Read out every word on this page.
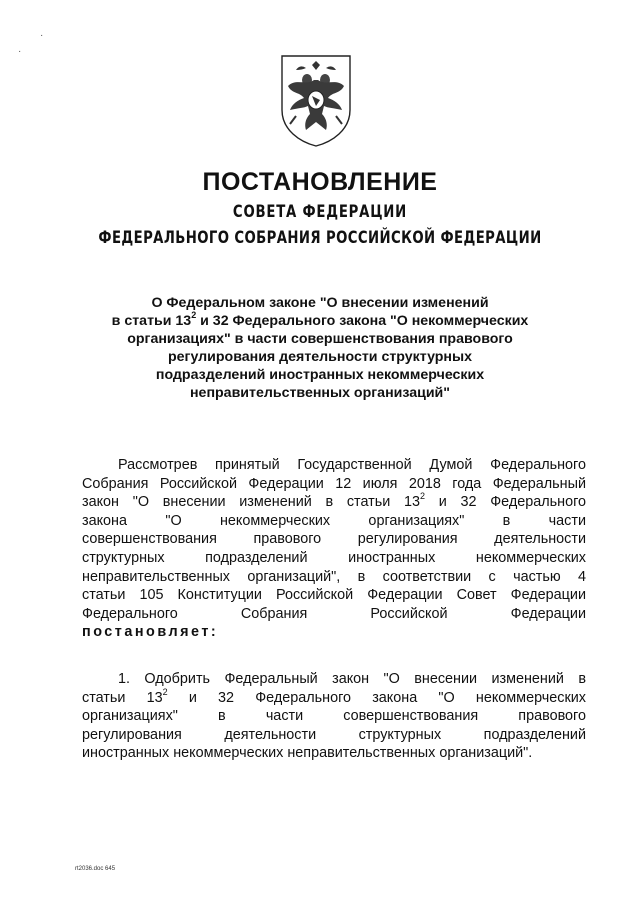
·
·
ПОСТАНОВЛЕНИЕ
СОВЕТА ФЕДЕРАЦИИ
ФЕДЕРАЛЬНОГО СОБРАНИЯ РОССИЙСКОЙ ФЕДЕРАЦИИ
О Федеральном законе "О внесении изменений
в статьи $13^2$ и 32 Федерального закона "О некоммерческих
организациях" в части совершенствования правового
регулирования деятельности структурных
подразделений иностранных некоммерческих
неправительственных организаций"
Рассмотрев принятый Государственной Думой Федерального
Собрания Российской Федерации 12 июля 2018 года Федеральный
закон "О внесении изменений в статьи $13^2$ и 32 Федерального
закона "О некоммерческих организациях" в части
совершенствования правового регулирования деятельности
структурных подразделений иностранных некоммерческих
неправительственных организаций", в соответствии с частью 4
статьи 105 Конституции Российской Федерации Совет Федерации
Федерального Собрания Российской Федерации
постановляет:
1. Одобрить Федеральный закон "О внесении изменений в
статьи $13^2$ и 32 Федерального закона "О некоммерческих
организациях" в части совершенствования правового
регулирования деятельности структурных подразделений
иностранных некоммерческих неправительственных организаций".
rt2036.doc 645
